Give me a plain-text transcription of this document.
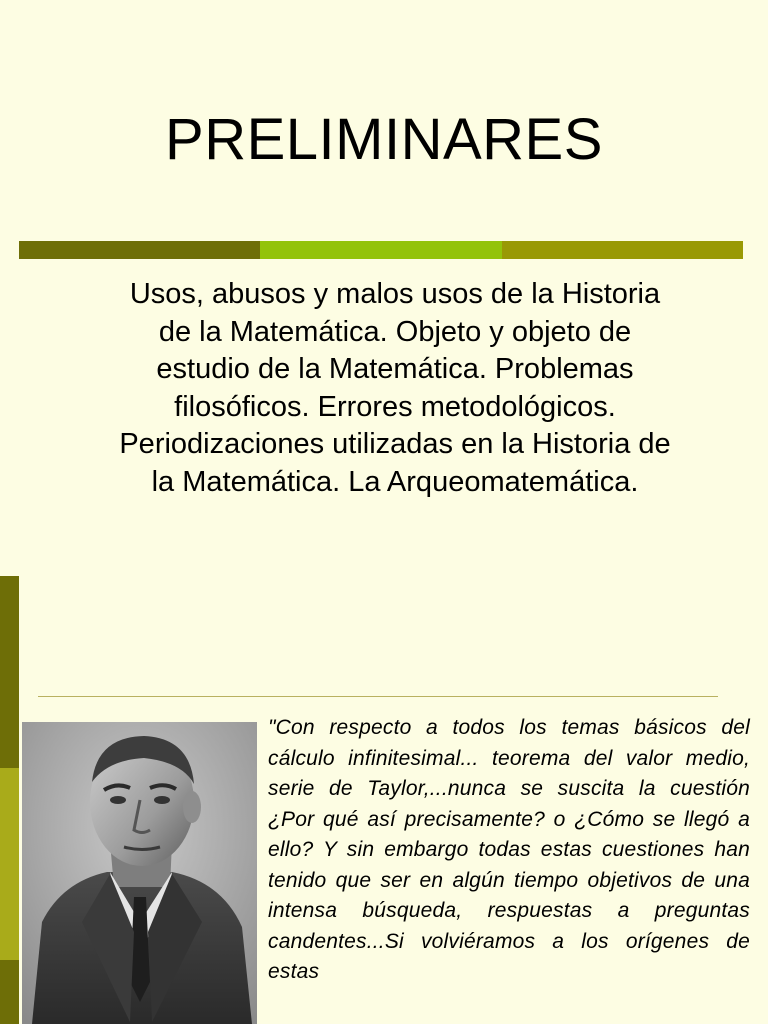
PRELIMINARES
Usos, abusos y malos usos de la Historia de la Matemática. Objeto y objeto de estudio de la Matemática. Problemas filosóficos. Errores metodológicos. Periodizaciones utilizadas en la Historia de la Matemática. La Arqueomatemática.
"Con respecto a todos los temas básicos del cálculo infinitesimal... teorema del valor medio, serie de Taylor,...nunca se suscita la cuestión ¿Por qué así precisamente? o ¿Cómo se llegó a ello? Y sin embargo todas estas cuestiones han tenido que ser en algún tiempo objetivos de una intensa búsqueda, respuestas a preguntas candentes...Si volviéramos a los orígenes de estas
